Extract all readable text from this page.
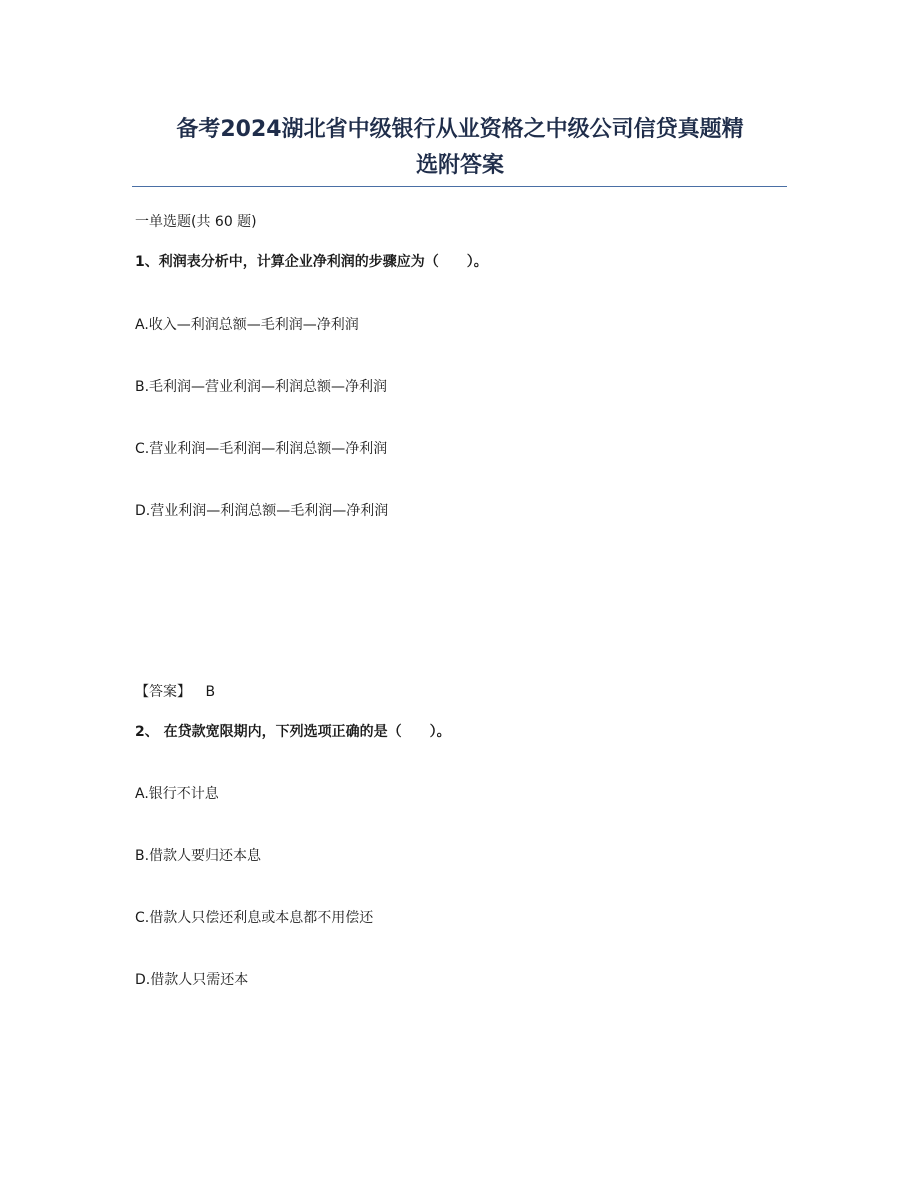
备考2024湖北省中级银行从业资格之中级公司信贷真题精
选附答案

一单选题(共 60 题)

1、利润表分析中，计算企业净利润的步骤应为（　　）。

A.收入—利润总额—毛利润—净利润

B.毛利润—营业利润—利润总额—净利润

C.营业利润—毛利润—利润总额—净利润

D.营业利润—利润总额—毛利润—净利润

【答案】 B

2、 在贷款宽限期内，下列选项正确的是（　　）。

A.银行不计息

B.借款人要归还本息

C.借款人只偿还利息或本息都不用偿还

D.借款人只需还本
